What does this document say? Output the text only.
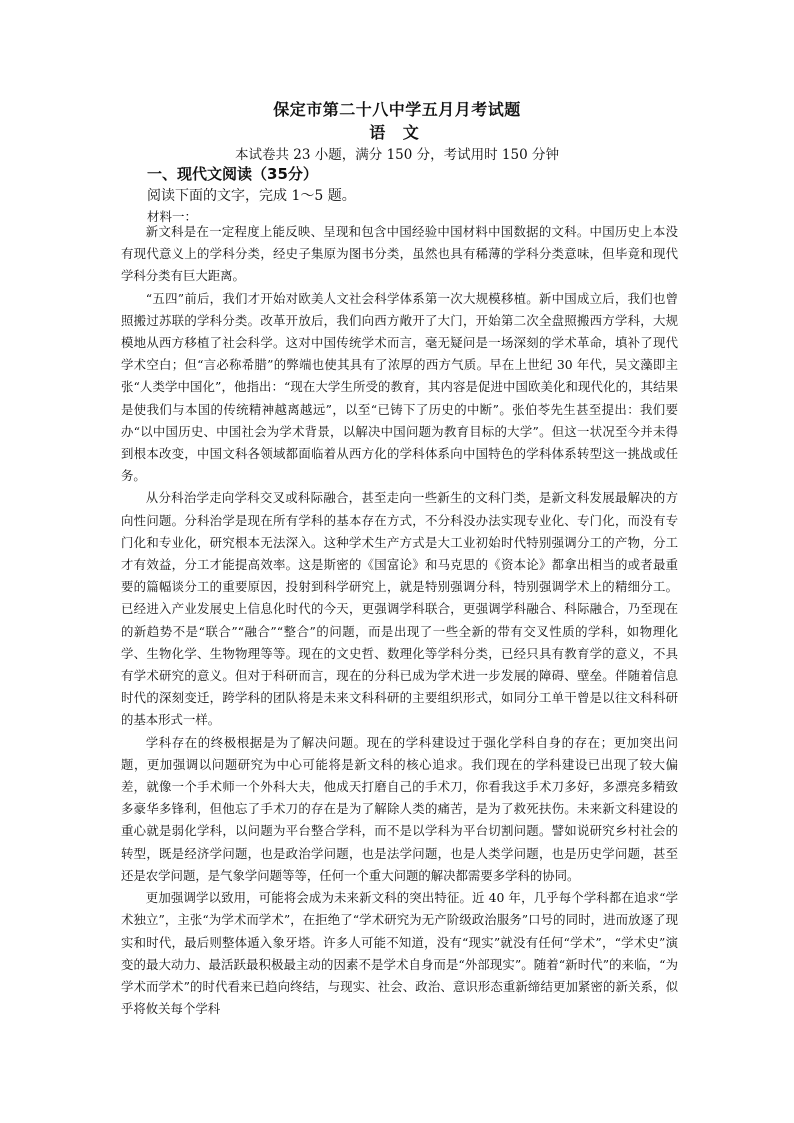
保定市第二十八中学五月月考试题
语 文
本试卷共 23 小题，满分 150 分，考试用时 150 分钟
一、现代文阅读（35分）
阅读下面的文字，完成 1～5 题。
材料一：

新文科是在一定程度上能反映、呈现和包含中国经验中国材料中国数据的文科。中国历史上本没有现代意义上的学科分类，经史子集原为图书分类，虽然也具有稀薄的学科分类意味，但毕竟和现代学科分类有巨大距离。

“五四”前后，我们才开始对欧美人文社会科学体系第一次大规模移植。新中国成立后，我们也曾照搬过苏联的学科分类。改革开放后，我们向西方敞开了大门，开始第二次全盘照搬西方学科，大规模地从西方移植了社会科学。这对中国传统学术而言，毫无疑问是一场深刻的学术革命，填补了现代学术空白；但“言必称希腊”的弊端也使其具有了浓厚的西方气质。早在上世纪 30 年代，吴文藻即主张“人类学中国化”，他指出：“现在大学生所受的教育，其内容是促进中国欧美化和现代化的，其结果是使我们与本国的传统精神越离越远”，以至“已铸下了历史的中断”。张伯苓先生甚至提出：我们要办“以中国历史、中国社会为学术背景，以解决中国问题为教育目标的大学”。但这一状况至今并未得到根本改变，中国文科各领域都面临着从西方化的学科体系向中国特色的学科体系转型这一挑战或任务。

从分科治学走向学科交叉或科际融合，甚至走向一些新生的文科门类，是新文科发展最解决的方向性问题。分科治学是现在所有学科的基本存在方式，不分科没办法实现专业化、专门化，而没有专门化和专业化，研究根本无法深入。这种学术生产方式是大工业初始时代特别强调分工的产物，分工才有效益，分工才能提高效率。这是斯密的《国富论》和马克思的《资本论》都拿出相当的或者最重要的篇幅谈分工的重要原因，投射到科学研究上，就是特别强调分科，特别强调学术上的精细分工。已经进入产业发展史上信息化时代的今天，更强调学科联合，更强调学科融合、科际融合，乃至现在的新趋势不是“联合”“融合”“整合”的问题，而是出现了一些全新的带有交叉性质的学科，如物理化学、生物化学、生物物理等等。现在的文史哲、数理化等学科分类，已经只具有教育学的意义，不具有学术研究的意义。但对于科研而言，现在的分科已成为学术进一步发展的障碍、壁垒。伴随着信息时代的深刻变迁，跨学科的团队将是未来文科科研的主要组织形式，如同分工单干曾是以往文科科研的基本形式一样。

学科存在的终极根据是为了解决问题。现在的学科建设过于强化学科自身的存在；更加突出问题，更加强调以问题研究为中心可能将是新文科的核心追求。我们现在的学科建设已出现了较大偏差，就像一个手术师一个外科大夫，他成天打磨自己的手术刀，你看我这手术刀多好，多漂亮多精致多豪华多锋利，但他忘了手术刀的存在是为了解除人类的痛苦，是为了救死扶伤。未来新文科建设的重心就是弱化学科，以问题为平台整合学科，而不是以学科为平台切割问题。譬如说研究乡村社会的转型，既是经济学问题，也是政治学问题，也是法学问题，也是人类学问题，也是历史学问题，甚至还是农学问题，是气象学问题等等，任何一个重大问题的解决都需要多学科的协同。

更加强调学以致用，可能将会成为未来新文科的突出特征。近 40 年，几乎每个学科都在追求“学术独立”，主张“为学术而学术”，在拒绝了“学术研究为无产阶级政治服务”口号的同时，进而放逐了现实和时代，最后则整体遁入象牙塔。许多人可能不知道，没有“现实”就没有任何“学术”，“学术史”演变的最大动力、最活跃最积极最主动的因素不是学术自身而是“外部现实”。随着“新时代”的来临，“为学术而学术”的时代看来已趋向终结，与现实、社会、政治、意识形态重新缔结更加紧密的新关系，似乎将攸关每个学科
